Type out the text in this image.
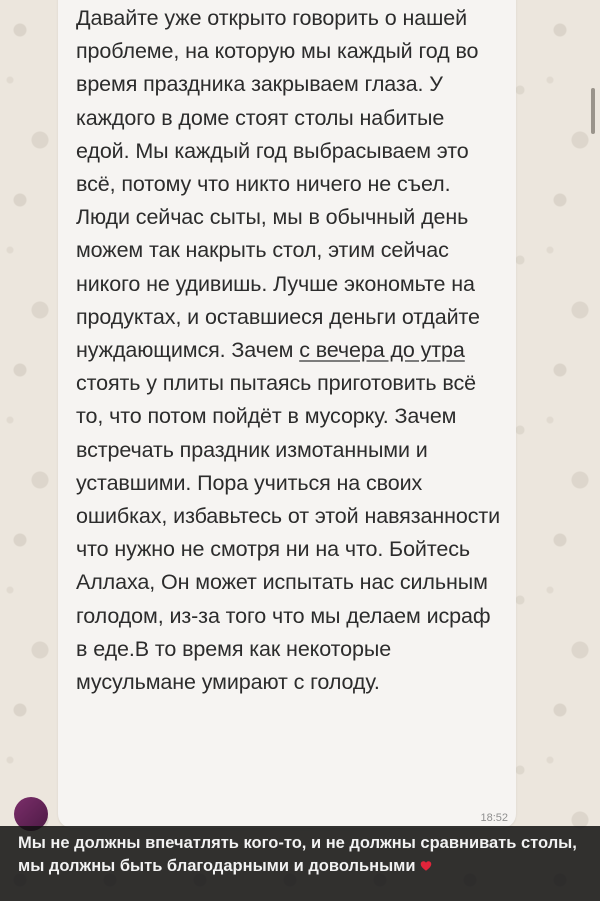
Давайте уже открыто говорить о нашей проблеме, на которую мы каждый год во время праздника закрываем глаза. У каждого в доме стоят столы набитые едой. Мы каждый год выбрасываем это всё, потому что никто ничего не съел. Люди сейчас сыты, мы в обычный день можем так накрыть стол, этим сейчас никого не удивишь. Лучше экономьте на продуктах, и оставшиеся деньги отдайте нуждающимся. Зачем с вечера до утра стоять у плиты пытаясь приготовить всё то, что потом пойдёт в мусорку. Зачем встречать праздник измотанными и уставшими. Пора учиться на своих ошибках, избавьтесь от этой навязанности что нужно не смотря ни на что. Бойтесь Аллаха, Он может испытать нас сильным голодом, из-за того что мы делаем исраф в еде.В то время как некоторые мусульмане умирают с голоду.

18:52

Мы не должны впечатлять кого-то, и не должны сравнивать столы, мы должны быть благодарными и довольными
